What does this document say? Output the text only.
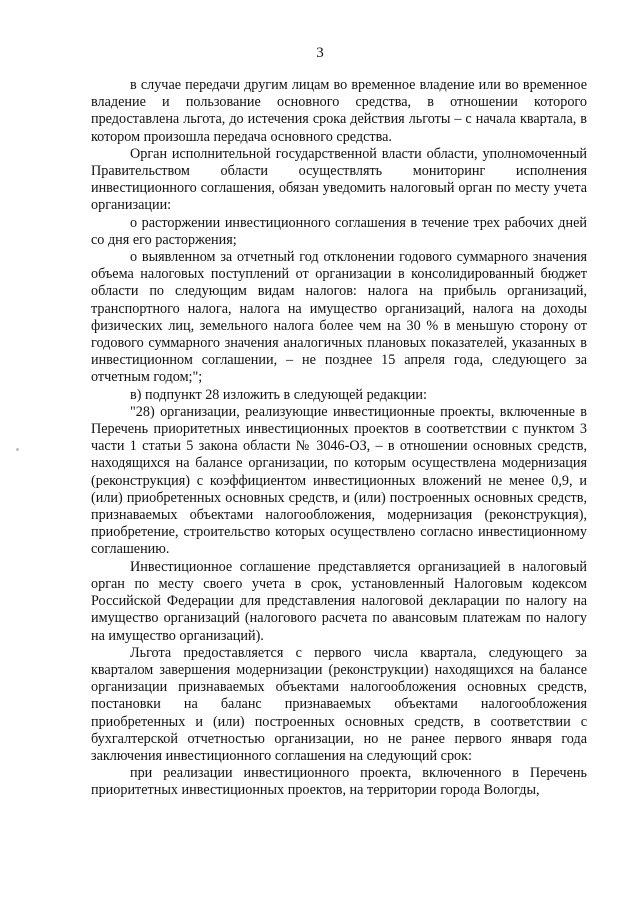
3

в случае передачи другим лицам во временное владение или во временное владение и пользование основного средства, в отношении которого предоставлена льгота, до истечения срока действия льготы – с начала квартала, в котором произошла передача основного средства.

Орган исполнительной государственной власти области, уполномоченный Правительством области осуществлять мониторинг исполнения инвестиционного соглашения, обязан уведомить налоговый орган по месту учета организации:

о расторжении инвестиционного соглашения в течение трех рабочих дней со дня его расторжения;

о выявленном за отчетный год отклонении годового суммарного значения объема налоговых поступлений от организации в консолидированный бюджет области по следующим видам налогов: налога на прибыль организаций, транспортного налога, налога на имущество организаций, налога на доходы физических лиц, земельного налога более чем на 30 % в меньшую сторону от годового суммарного значения аналогичных плановых показателей, указанных в инвестиционном соглашении, – не позднее 15 апреля года, следующего за отчетным годом;";

в) подпункт 28 изложить в следующей редакции:

"28) организации, реализующие инвестиционные проекты, включенные в Перечень приоритетных инвестиционных проектов в соответствии с пунктом 3 части 1 статьи 5 закона области № 3046-ОЗ, – в отношении основных средств, находящихся на балансе организации, по которым осуществлена модернизация (реконструкция) с коэффициентом инвестиционных вложений не менее 0,9, и (или) приобретенных основных средств, и (или) построенных основных средств, признаваемых объектами налогообложения, модернизация (реконструкция), приобретение, строительство которых осуществлено согласно инвестиционному соглашению.

Инвестиционное соглашение представляется организацией в налоговый орган по месту своего учета в срок, установленный Налоговым кодексом Российской Федерации для представления налоговой декларации по налогу на имущество организаций (налогового расчета по авансовым платежам по налогу на имущество организаций).

Льгота предоставляется с первого числа квартала, следующего за кварталом завершения модернизации (реконструкции) находящихся на балансе организации признаваемых объектами налогообложения основных средств, постановки на баланс признаваемых объектами налогообложения приобретенных и (или) построенных основных средств, в соответствии с бухгалтерской отчетностью организации, но не ранее первого января года заключения инвестиционного соглашения на следующий срок:

при реализации инвестиционного проекта, включенного в Перечень приоритетных инвестиционных проектов, на территории города Вологды,
